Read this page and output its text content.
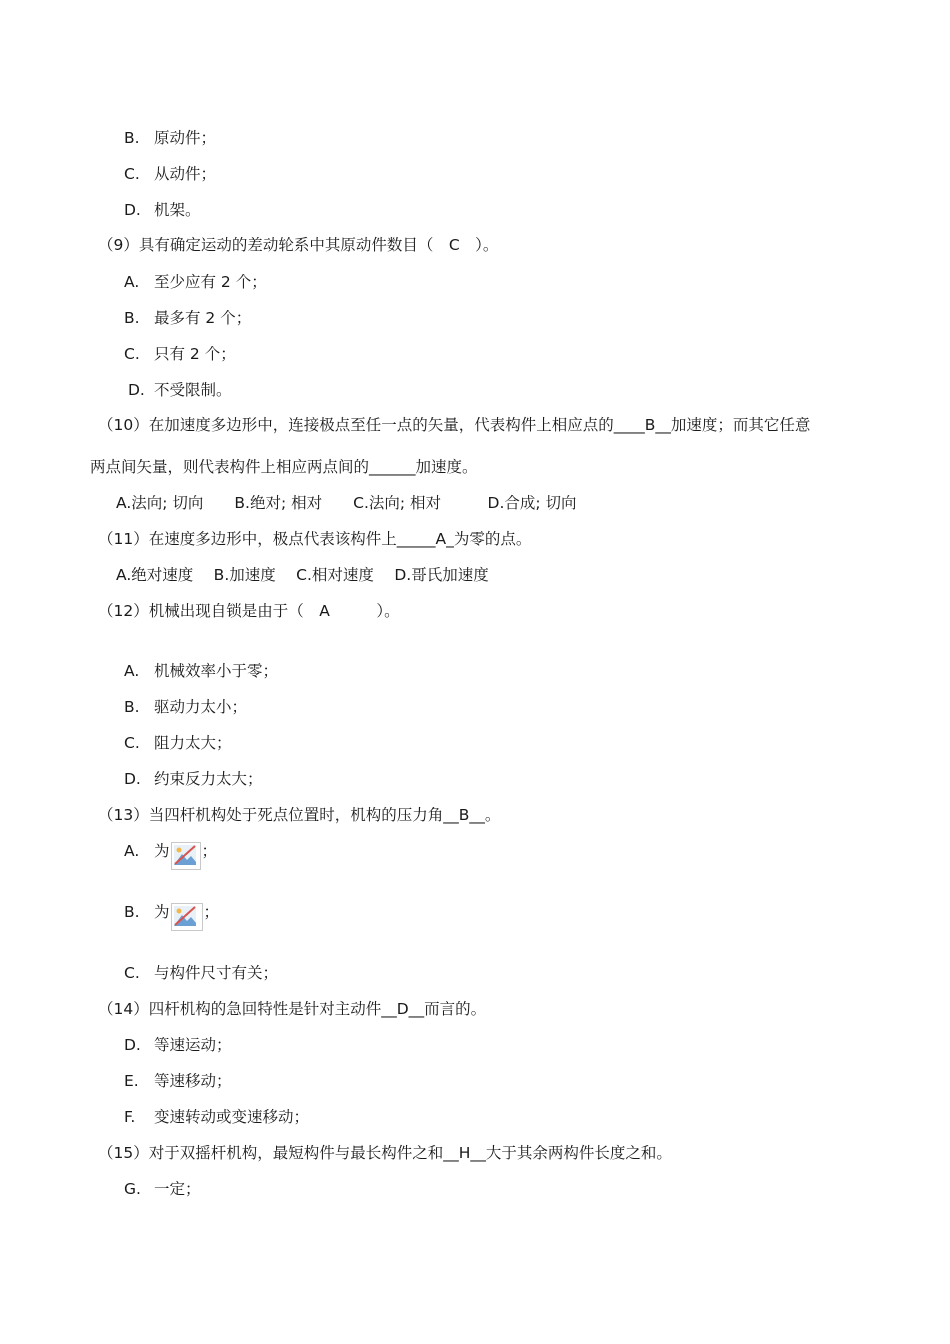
B. 原动件；
C. 从动件；
D. 机架。
（9）具有确定运动的差动轮系中其原动件数目（　C　）。
A. 至少应有 2 个；
B. 最多有 2 个；
C. 只有 2 个；
D. 不受限制。
（10）在加速度多边形中，连接极点至任一点的矢量，代表构件上相应点的____B__加速度；而其它任意
两点间矢量，则代表构件上相应两点间的______加速度。
A.法向; 切向　　B.绝对; 相对　　C.法向; 相对　　　D.合成; 切向
（11）在速度多边形中，极点代表该构件上_____A_为零的点。
A.绝对速度　 B.加速度　 C.相对速度　 D.哥氏加速度
（12）机械出现自锁是由于（　A　　　）。
A. 机械效率小于零；
B. 驱动力太小；
C. 阻力太大；
D. 约束反力太大；
（13）当四杆机构处于死点位置时，机构的压力角__B__。
A. 为 ；
B. 为 ；
C. 与构件尺寸有关；
（14）四杆机构的急回特性是针对主动件__D__而言的。
D. 等速运动；
E. 等速移动；
F. 变速转动或变速移动；
（15）对于双摇杆机构，最短构件与最长构件之和__H__大于其余两构件长度之和。
G. 一定；
